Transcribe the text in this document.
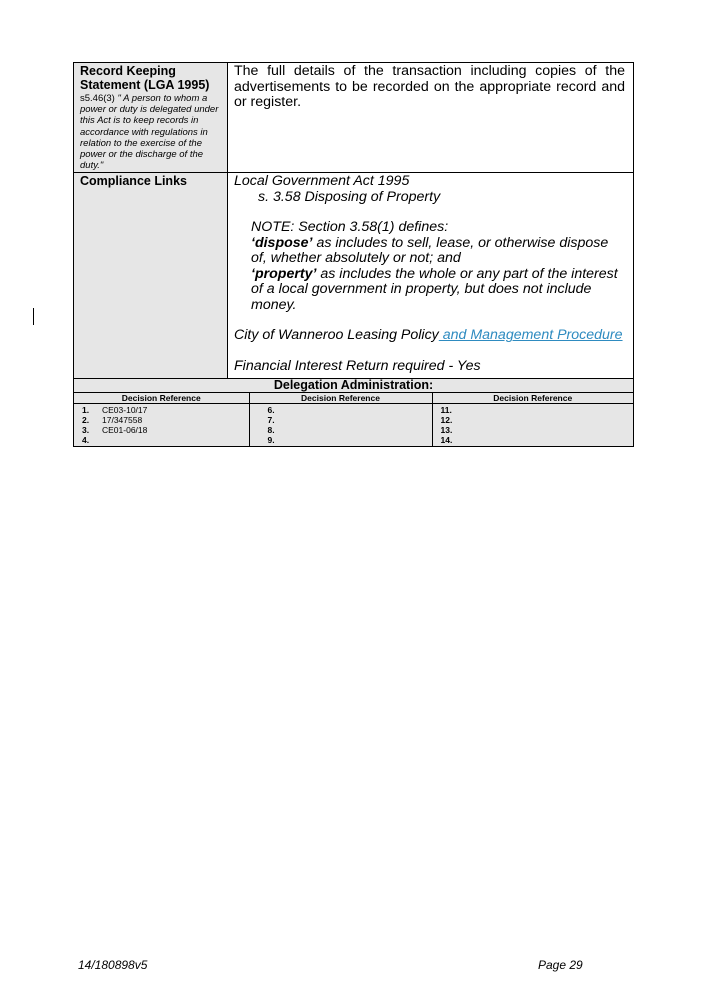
Record Keeping Statement (LGA 1995)
s5.46(3) " A person to whom a power or duty is delegated under this Act is to keep records in accordance with regulations in relation to the exercise of the power or the discharge of the duty."
	The full details of the transaction including copies of the advertisements to be recorded on the appropriate record and or register.

Compliance Links	Local Government Act 1995
s. 3.58 Disposing of Property
NOTE: Section 3.58(1) defines:
‘dispose’ as includes to sell, lease, or otherwise dispose of, whether absolutely or not; and
‘property’ as includes the whole or any part of the interest of a local government in property, but does not include money.
City of Wanneroo Leasing Policy and Management Procedure
Financial Interest Return required - Yes

Delegation Administration:

Decision Reference	Decision Reference	Decision Reference

1. CE03-10/17
2. 17/347558
3. CE01-06/18
4.

6.
7.
8.
9.

11.
12.
13.
14.
14/180898v5	Page 29
